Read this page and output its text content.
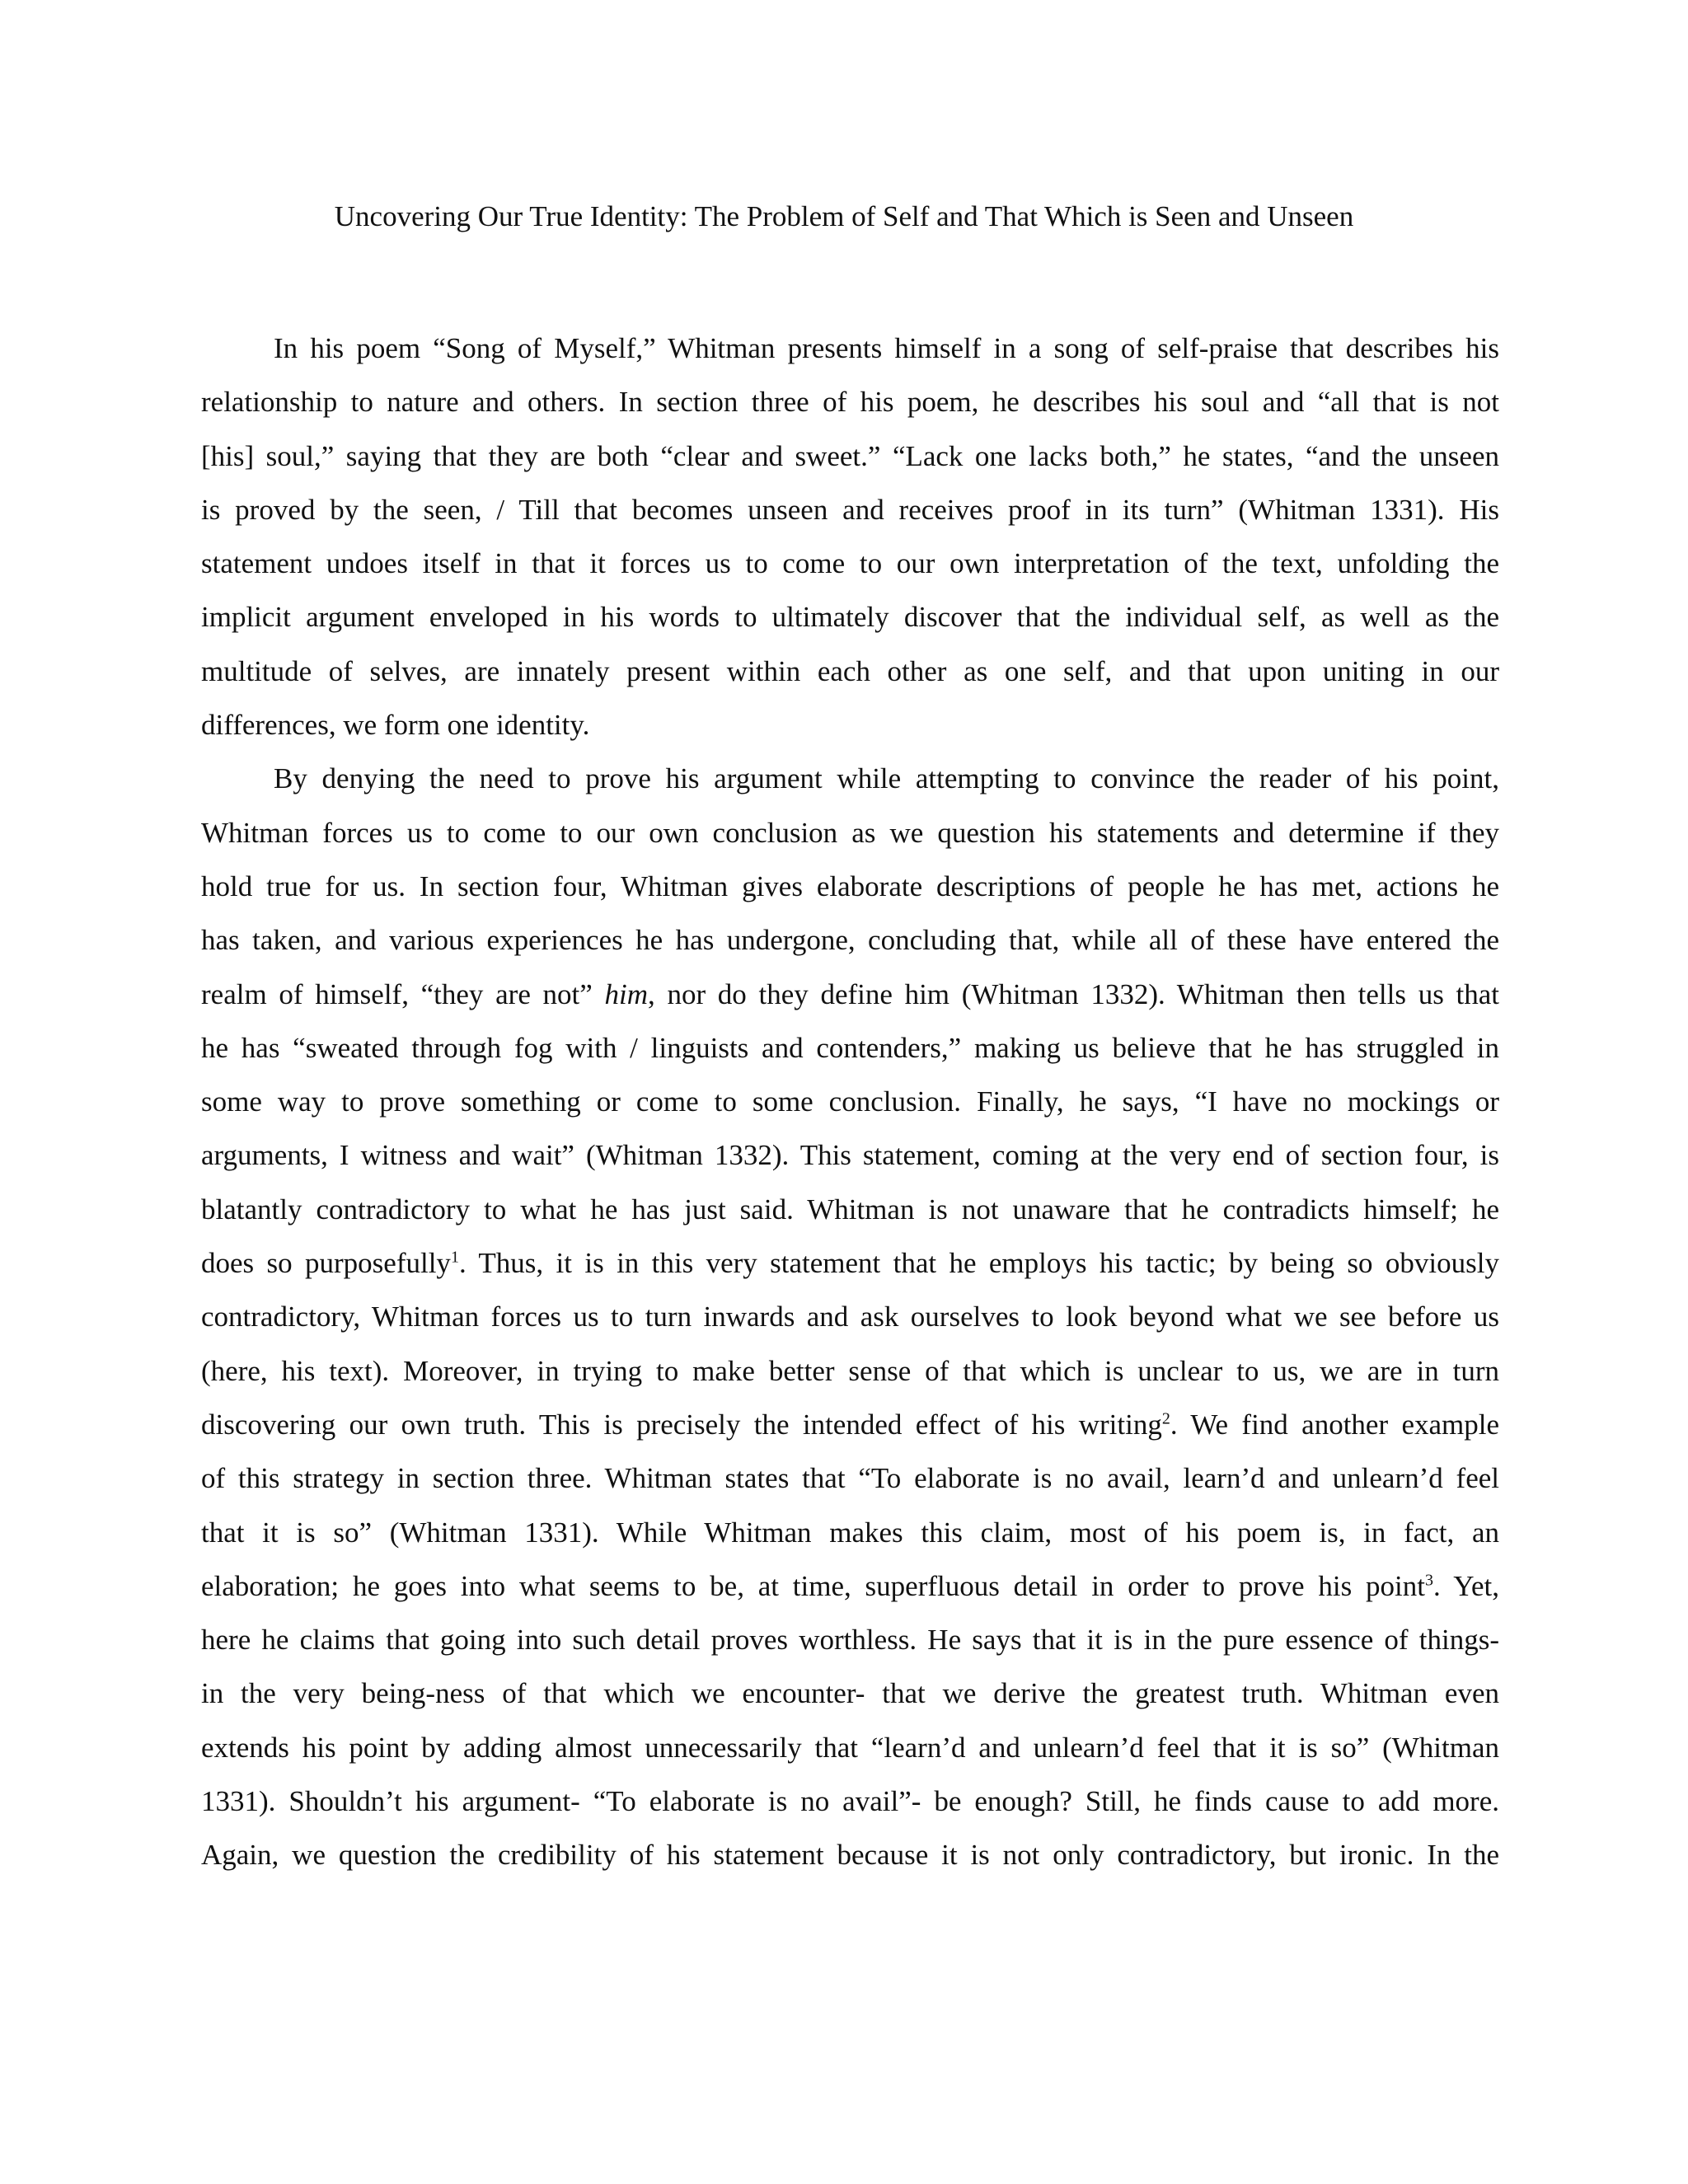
Uncovering Our True Identity: The Problem of Self and That Which is Seen and Unseen

In his poem “Song of Myself,” Whitman presents himself in a song of self-praise that describes his
relationship to nature and others. In section three of his poem, he describes his soul and “all that is not
[his] soul,” saying that they are both “clear and sweet.” “Lack one lacks both,” he states, “and the unseen
is proved by the seen, / Till that becomes unseen and receives proof in its turn” (Whitman 1331). His
statement undoes itself in that it forces us to come to our own interpretation of the text, unfolding the
implicit argument enveloped in his words to ultimately discover that the individual self, as well as the
multitude of selves, are innately present within each other as one self, and that upon uniting in our
differences, we form one identity.

By denying the need to prove his argument while attempting to convince the reader of his point,
Whitman forces us to come to our own conclusion as we question his statements and determine if they
hold true for us. In section four, Whitman gives elaborate descriptions of people he has met, actions he
has taken, and various experiences he has undergone, concluding that, while all of these have entered the
realm of himself, “they are not” him, nor do they define him (Whitman 1332). Whitman then tells us that
he has “sweated through fog with / linguists and contenders,” making us believe that he has struggled in
some way to prove something or come to some conclusion. Finally, he says, “I have no mockings or
arguments, I witness and wait” (Whitman 1332). This statement, coming at the very end of section four, is
blatantly contradictory to what he has just said. Whitman is not unaware that he contradicts himself; he
does so purposefully$^1$. Thus, it is in this very statement that he employs his tactic; by being so obviously
contradictory, Whitman forces us to turn inwards and ask ourselves to look beyond what we see before us
(here, his text). Moreover, in trying to make better sense of that which is unclear to us, we are in turn
discovering our own truth. This is precisely the intended effect of his writing$^2$. We find another example
of this strategy in section three. Whitman states that “To elaborate is no avail, learn’d and unlearn’d feel
that it is so” (Whitman 1331). While Whitman makes this claim, most of his poem is, in fact, an
elaboration; he goes into what seems to be, at time, superfluous detail in order to prove his point$^3$. Yet,
here he claims that going into such detail proves worthless. He says that it is in the pure essence of things-
in the very being-ness of that which we encounter- that we derive the greatest truth. Whitman even
extends his point by adding almost unnecessarily that “learn’d and unlearn’d feel that it is so” (Whitman
1331). Shouldn’t his argument- “To elaborate is no avail”- be enough? Still, he finds cause to add more.
Again, we question the credibility of his statement because it is not only contradictory, but ironic. In the
